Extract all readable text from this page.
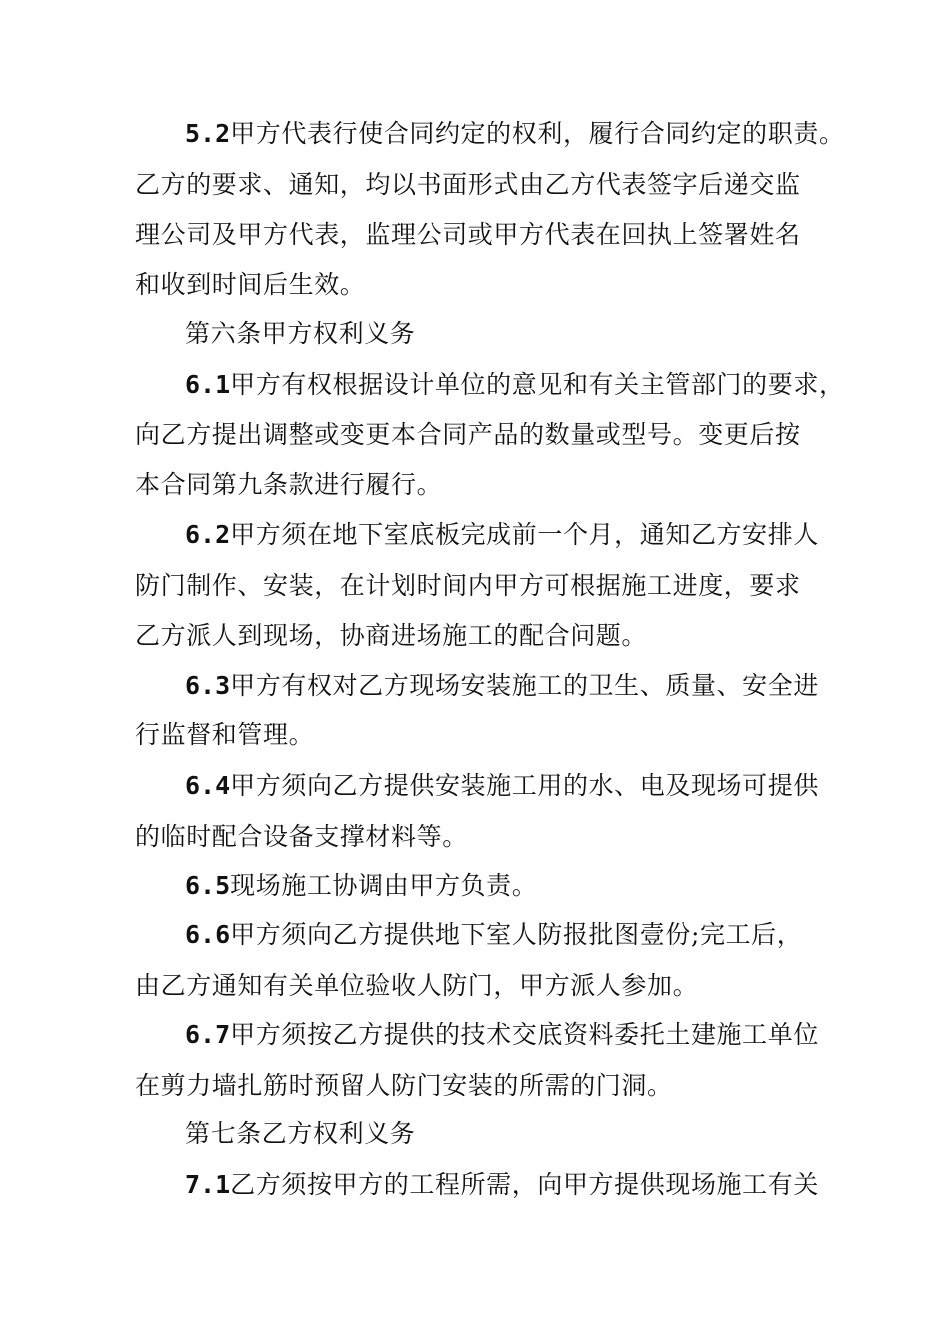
5.2甲方代表行使合同约定的权利，履行合同约定的职责。
乙方的要求、通知，均以书面形式由乙方代表签字后递交监
理公司及甲方代表，监理公司或甲方代表在回执上签署姓名
和收到时间后生效。
第六条甲方权利义务
6.1甲方有权根据设计单位的意见和有关主管部门的要求，
向乙方提出调整或变更本合同产品的数量或型号。变更后按
本合同第九条款进行履行。
6.2甲方须在地下室底板完成前一个月，通知乙方安排人
防门制作、安装，在计划时间内甲方可根据施工进度，要求
乙方派人到现场，协商进场施工的配合问题。
6.3甲方有权对乙方现场安装施工的卫生、质量、安全进
行监督和管理。
6.4甲方须向乙方提供安装施工用的水、电及现场可提供
的临时配合设备支撑材料等。
6.5现场施工协调由甲方负责。
6.6甲方须向乙方提供地下室人防报批图壹份;完工后，
由乙方通知有关单位验收人防门，甲方派人参加。
6.7甲方须按乙方提供的技术交底资料委托土建施工单位
在剪力墙扎筋时预留人防门安装的所需的门洞。
第七条乙方权利义务
7.1乙方须按甲方的工程所需，向甲方提供现场施工有关
